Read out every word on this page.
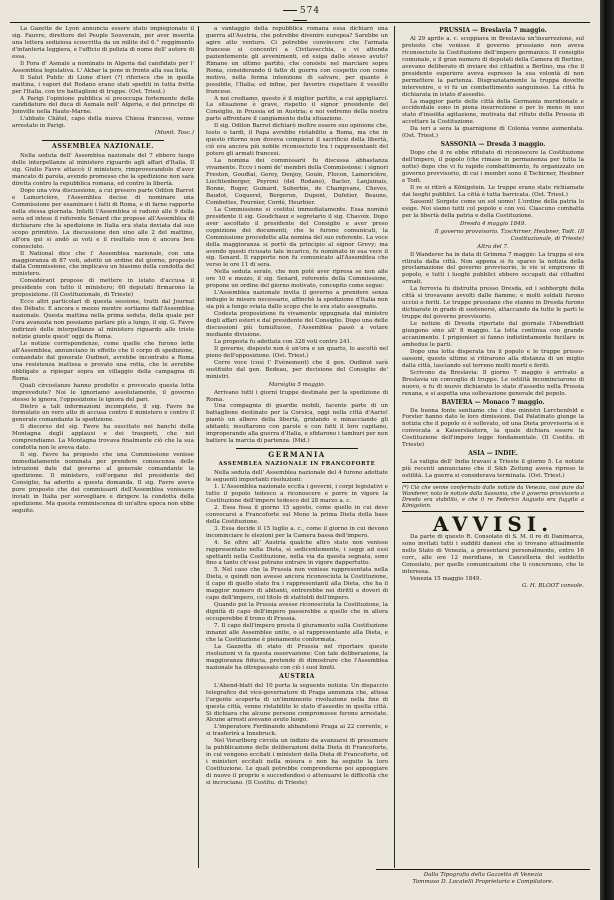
574

La Gazette de Lyon annuncia essere stato impiegionato il sig. Fauvre, direttore del Peuple Souverain, per aver inserita una lettera sediziosa scoscritta da un milite del 6.° reggimento d'infanteria leggiera, e l'ufficio di polizia di nome dell' autore di essa.

Il Fora d' Asmale a nominato in Algeria dal candidato per l' Assemblea legislativa. L' Akbar la pone in fronte alla sua lista.

Il Salut Public di Lione d'ieri (?) riferisce che in quella mattina, i vapori del Rodano erano stati spediti in tutta fretta per l'Italia, con tre battaglioni di truppe. (Ost. Triest.)

A Parigi l'opinione pubblica si preoccupa fortemente delle candidature del duca di Aumale nell' Algeria, e del principe di Joinville nella Haute-Marne.

L'abbate Châtel, capo della nuova Chiesa francese, venne arrestato in Parigi.

(Monit. Tosc.)

ASSEMBLEA NAZIONALE.

Nella seduta dell' Assemblea nazionale del 7 ebbero luogo delle interpellanze al ministero riguardo agli affari d'Italia. Il sig. Giulio Favre attaccò il ministero, rimproverandolo d'aver mancato di parola, avendo promesso che la spedizione non sarà diretta contro la repubblica romana, ed contro la libertà.

Dopo una viva discussione, a cui presero parte Odilon Barrot e Lamoricière, l'Assemblea decise di nominare una Commissione per esaminare i fatti di Roma, e di farne rapporto nella stessa giornata. Infatti l'Assemblea si radunò alle 9 della sera ed intese il referente Senard che propose all'Assemblea di dichiarare che la spedizione in Italia era stata deviata dal suo scopo primitivo. La discussione den sino alle 2 del mattino, all'ora qui si andò ai voti e il risultato non è ancora ben conosciuto.

Il National dice che l' Assemblea nazionale, con una maggioranza di 87 voti, adottò un ordine del giorno, proposto dalla Commissione, che implicava un biasimo della condotta del ministero.

Considérant propose di mettere in istato d'accusa il presidente con tutto il ministero; 60 deputati firmarono la proposizione. (Il Costituzionale, di Trieste)

Ecco altri particolari di questa sessione, tratti dal Journal des Débats: E ancora e mezzo mentre sortiamo dall'Assemblea nazionale. Questa mattina nella prima seduta, della quale per l'ora avanzata non possiamo parlare più a lungo, il sig. G. Favre indirizzò delle interpellanze al ministero riguardo alle triste notizie giunte quest' oggi da Roma.

Le notizie corrispondenze, come quelle che furono lette all'Assemblea, annunciano in effetto che il corpo di spedizione, comandato dal generale Oudinot, avrebbe incontrato a Roma una resistenza inattesa e provato una rotta, che le avrebbe obbligato a ripiegar sopra un villaggio della campagna di Roma.

Quali circostanze hanno prodotto e provocato questa lotta imprevedute? Noi le ignoriamo assolutamente, il governo stesso le ignora, l'opposizione le ignora del pari.

Dietro a tali informazioni incomplete, il sig. Favre ha formulato un vero atto di accusa contro il ministero e contro il generale comandante la spedizione.

Il discorso del sig. Favre ha suscitato nei banchi della Montagna degli applausi e dei trasporti, che noi comprendiamo. La Montagna trovava finalmente ciò che la sua condotta non le aveva dato.

Il sig. Favre ha proposto che una Commissione venisse immediatamente nominata per prendere conoscenza delle istruzioni date dal governo al generale comandante la spedizione. Il ministero, coll'organo del presidente del Consiglio, ha aderito a questa domanda. Il sig. Favre aveva pure proposto che dei commissarii dell'Assemblea venissero inviati in Italia per sorvegliare e dirigere la condotta della spedizione. Ma questa reminiscenza di un'altra epoca non ebbe seguito.

a vantaggio della repubblica romana essa dichiarò una guerra all'Austria, che potrebbe divenire europea? Sarebbe un agire atto venturo. Ci potrebbe convincere che l'armata francese si concentri a Civitavecchia, e vi attenda pazientemente gli avvenimenti, ed esiga dallo stesso avuto? Rimane un ultimo partito, che consiste nel marciare sopra Roma, considerando il fatto di guerra con cospetto con come motivo, nella ferma intenzione di salvare, per quanto è possibile, l'Italia; ed infine, per favorire rispettare il vessillo francese.

A noi crediamo, questo è il miglior partito, a cui appigliarci. La situazione è grave, rispetto il signor presidente del Consiglio, in Prussia ed in Austria; e noi vedremo della nostra parte affrontare il cangiamento della situazione.

Il sig. Odilon Barrot dichiarò inoltre essere suo opinione che, tosto o tardi, il Papa avrebbe ristabilito a Roma, ma che in questo ritorno non doveva compiersi il sacrificio della libertà, ciò era ancora più nobile riconosciuto tra i rappresentanti del potere gli armati francesi.

La nomina dei commissarii fu discussa abbastanza vivamente. Ecco i nomi de' membri della Commissione: i signori Freston, Goudtai, Gerey, Denjoy, Gouin, Flocon, Lamoricière, Liechtenberger, Peyroni (del Rodano), Bacler, Lanjuinais, Bonne, Roger, Guinard, Suberbie, de Champvans, Cheves, Baudot, Coquerel, Bergeron, Dupont, Dufetier, Beaune, Combettes, Fournier, Cordé, Heurbier.

La Commissione si costituì immediatamente. Essa nominò presidente il sig. Goudchaux e segretario il sig. Chavoix. Dopo aver ascoltato il presidente del Consiglio e aver preso cognizione dei documenti, che le furono comunicati, la Commissione procedette alla nomina del suo referente. La voce della maggioranza si portò da principio al signor Grevy; ma avendo questi ricusato tale incarico, fu nominato in sua vece il sig. Senard. Il rapporto non fu comunicato all'Assemblea che verso le ore 11 di sera.

Nella seduta serale, che non potè aver ripresa se non alle ore 10 e mezzo, il sig. Senard, referente della Commissione, propone un ordine del giorno motivato, concepito come segue:

L'Assemblea nazionale invita il governo a prendere senza indugio le misure necessarie, affinchè la spedizione d'Italia non sia più a lungo sviata dallo scopo che le era stato assegnato.

Codesta proposizione fu vivamente oppugnata dal ministro degli affari esteri e dal presidente del Consiglio. Dopo una delle discussioni più tumultuose, l'Assemblea passò a votare mediante divisione.

La proposta fu adottata con 328 voti contro 241.

Il governo, disposto non è un'ora e un quarto, lo ascoltò nel pieno dell'opposizione. (Ost. Triest.)

Corre voce (così l' Evènement) che il gen. Oudinot sarà sostituito dal gen. Bedeau, per decisione del Consiglio de' ministri.

Marsiglia 5 maggio.

Arrivano tutti i giorni truppe destinate per la spedizione di Roma.

Una compagnia di guardie mobili, facente parte di un battaglione destinato per la Corsica, oggi nella città d'Aurio! piantò un albero della libertà, gridando e minacciando gli abitanti; insultarono con parole e con fatti il loro capitano, improperando alla guerra d'Italia, e sfidarono i tamburi per non battere la marcia di partenza. (Mid.)

GERMANIA

ASSEMBLEA NAZIONALE IN FRANCOFORTE

Nella seduta dell' Assemblea nazionale del 4 furono adottate le seguenti importanti risoluzioni:

1. L'Assemblea nazionale eccita i governi, i corpi legislativi e tutto il popolo tedesco a riconoscere e porre in vigore la Costituzione dell'impero tedesco del 28 marzo a. c.

2. Essa fissa il giorno 15 agosto, come quello in cui deve convocarsi a Francoforte sul Meno la prima Dieta della base della Costituzione.

3. Essa decide il 15 luglio a. c., come il giorno in cui devono incominciare le elezioni per la Camera bassa dell'impero.

4. Se oltre all' Austria qualche altro stato non venisse rappresentato nella Dieta, sì sedicentemente, i seggi ad essi spettanti nella Costituzione, nella via da questa segnata, sono fino a tanto ch'essi potrano entrare in vigore dappertutto.

5. Nel caso che la Prussia non venisse rappresentata nella Dieta, e quindi non avesse ancora riconosciuta la Costituzione, il capo di quello stato fra i rappresentanti alla Dieta, che ha il maggior numero di abitanti, entrerebbe nei diritti e doveri di capo dell'impero, col titolo di stattoldi dell'impero.

Quando poi la Prussia avesse riconosciuta la Costituzione, la dignità di capo dell'impero passerebbe a quello che in allora occuperebbe il trono di Prussia.

7. Il capo dell'impero presta il giuramento sulla Costituzione innanzi alle Assemblee unite, o al rappresentante alla Dieta, e che la Costituzione è pienamente conformata.

La Gazzetta di stato di Prussia nel riportare queste risoluzioni vi fa questa osservazione: Con tale deliberazione, la maggioranza fiducia, pretende di dimostrare che l'Assemblea nazionale ha oltrepassato con ciò i suoi limiti.

AUSTRIA

L'Abend-blatt del 10 porta la seguente notizia: Un dispaccio telegrafico del vice-governatore di Praga annunzia che, attesa l'urgente scoperta di un'imminente rivoluzione nella fine di questa città, venne ristabilito lo stato d'assedio in quella città. Si dichiara che alcune persone compromesse furono arrestate. Alcune arresti avevano avuto luogo.

L'imperatore Ferdinando abbandonò Praga ai 22 corrente, e si trasferirà a Innsbruck.

Nel Vorarlberg circola un indizio da avanzarsi di presumere la pubblicazione delle deliberazioni della Dieta di Francoforte, in cui vengono eccitati i ministeri della Dieta di Francoforte, ed i ministeri eccitati nella misura e non ha seguito la loro Costituzione. Le quali potrebbe comprenderne poi appoggiare di nuovo il proprio e succedendosi o attenuarsi le difficoltà che si incrociano. (Il Costitu. di Trieste)

PRUSSIA — Breslavia 7 maggio.

Al 29 aprile a. c. scoppiava in Breslavia un'insurrezione, sul pretesto che venisse il governo prussiano non aveva riconosciuto la Costituzione dell'impero germanico. Il consiglio comunale, e il gran numero di deputati della Camera di Berlino, avevano deliberato di inviare dei cittadini a Berlino, ma che il presidente superiore aveva espresso la sua volontà di non permettere la partenza. Disgraziatamente la truppa dovette intervenire, e vi fu un combattimento sanguinoso. La città fu dichiarata in istato d'assedio.

La maggior parte delle città della Germania meridionale e occidentale sono in piena insurrezione o per lo meno in uno stato d'insolita agitazione, motivata dal rifiuto della Prussia di accettare la Costituzione.

Da ieri a sera la guarnigione di Colonia venne aumentata. (Ost. Triest.)

SASSONIA — Dresda 3 maggio.

Dopo che il re ebbe rifiutato di riconoscere la Costituzione dell'impero, il popolo (che rimase in permanenza per tutta la notte) dopo che vi fu rapido combattimento, fu organizzato un governo provvisorio, di cui i membri sono il Tschirner, Heubner e Todt.

Il re si ritirò a Königstein. Le truppe erano state richiamate dai luoghi pubblici. La città è tutta barricata. (Ost. Triest.)

Sassoni! Sorgete come un sol uomo! L'ordine della patria lo esige. Noi siamo tutti col popolo e con voi. Ciascuno combatta per la libertà della patria e della Costituzione.

Dresda 4 maggio 1849.

Il governo provvisorio. Tzschirner, Heubner, Todt. (Il Costituzionale, di Trieste)

Altra del 7.

Il Wanderer ha in data di Grimma 7 maggio: La truppa si era ritirata dalla città. Non appena si fu sparso la notizia della proclamazione del governo provvisorio, le vie si empirono di popolo, e tutti i luoghi pubblici ebbero occupati dai cittadini armati.

La ferrovia fu distrutta presso Dresda, ed i sobborghi della città si trovavano avvolti dalle fiamme; e molti soldati furono uccisi e feriti. Le truppe prussiane che stanno in Dresda furono dichiarate in grado di sostenersi, attaccando da tutte le parti le truppe del governo provvisorio.

Le notizie di Dresda riportate dal giornale l'Abendblatt giungono sino all' 8 maggio. La lotta continua con grande accanimento. I prigionieri si fanno indistintamente fucilare in ambedue le parti.

Dopo una lotta disperata tra il popolo e le truppe prusso-sassoni, queste ultime si ritirarono alla distanza di un miglio dalla città, lasciando sul terreno molti morti e feriti.

Scrivono da Breslavia: Il giorno 7 maggio è arrivato a Breslavia un convoglio di truppe. Le ostilità incominciarono di nuovo, e fu di nuovo dichiarato lo stato d'assedio nella Prussia renana, e si aspetta una sollevazione generale del popolo.

BAVIERA — Monaco 7 maggio.

Da buona fonte sentiamo che i due ministri Lerchenfeld e Forster hanno dato le loro dimissioni. Dal Palatinato giunge la notizia che il popolo si è sollevato, ed una Dieta provvisoria si è convocata a Kaiserslautern, la quale dichiara essere la Costituzione dell'impero legge fondamentale. (Il Costitu. di Trieste)

ASIA — INDIE.

La valigia dell' India travasi a Trieste il giorno 5. Le notizie più recenti annunciano che il Sikh Zeitung aveva ripreso le ostilità. La guerra si considerava terminata. (Ost. Triest.)

(*) Ciò che venne confermato dalle notizie da Venezia, così pure dal Wanderer, nota le notizie dalla Sassonia, che il governo provvisorio a Dresda era stabilito, e che il re Federico Augusto era fuggito a Königstein.

AVVISI.

Da parte di questo R. Consolato di S. M. il re di Danimarca, sono invitati tutti i sudditi danesi che si trovano attualmente nello Stato di Venezia, a presentarsi personalmente, entro 16 corr., alle ore 12 meridiane, in Cancelleria del suddetto Consolato, per quelle comunicazioni che li concernono, che le interessa.

Venezia 15 maggio 1849.

G. H. BLOOT console.

Dalla Tipografia della Gazzetta di Venezia
Tommaso D. Locatelli Proprietario e Compilatore.
